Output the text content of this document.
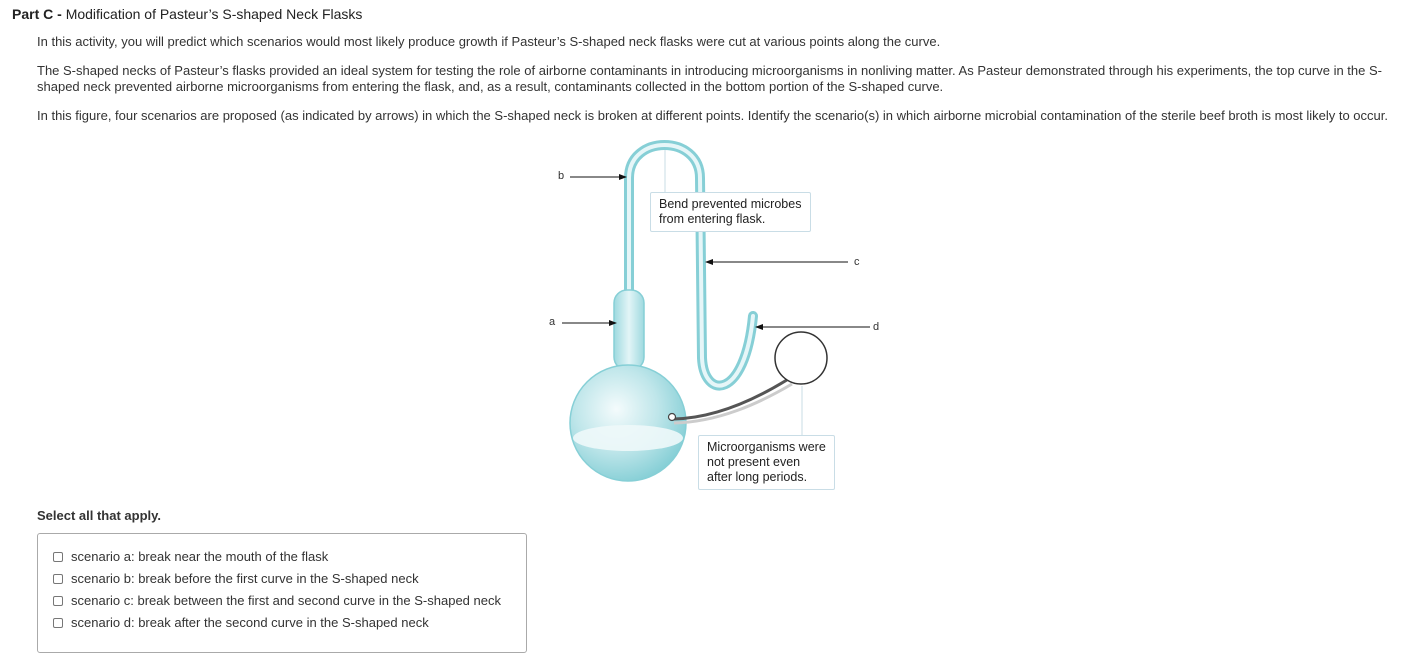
Part C - Modification of Pasteur’s S-shaped Neck Flasks

In this activity, you will predict which scenarios would most likely produce growth if Pasteur’s S-shaped neck flasks were cut at various points along the curve.

The S-shaped necks of Pasteur’s flasks provided an ideal system for testing the role of airborne contaminants in introducing microorganisms in nonliving matter. As Pasteur demonstrated through his experiments, the top curve in the S-shaped neck prevented airborne microorganisms from entering the flask, and, as a result, contaminants collected in the bottom portion of the S-shaped curve.

In this figure, four scenarios are proposed (as indicated by arrows) in which the S-shaped neck is broken at different points. Identify the scenario(s) in which airborne microbial contamination of the sterile beef broth is most likely to occur.

b
a
c
d
Bend prevented microbes from entering flask.
Microorganisms were not present even after long periods.
Select all that apply.
scenario a: break near the mouth of the flask
scenario b: break before the first curve in the S-shaped neck
scenario c: break between the first and second curve in the S-shaped neck
scenario d: break after the second curve in the S-shaped neck
